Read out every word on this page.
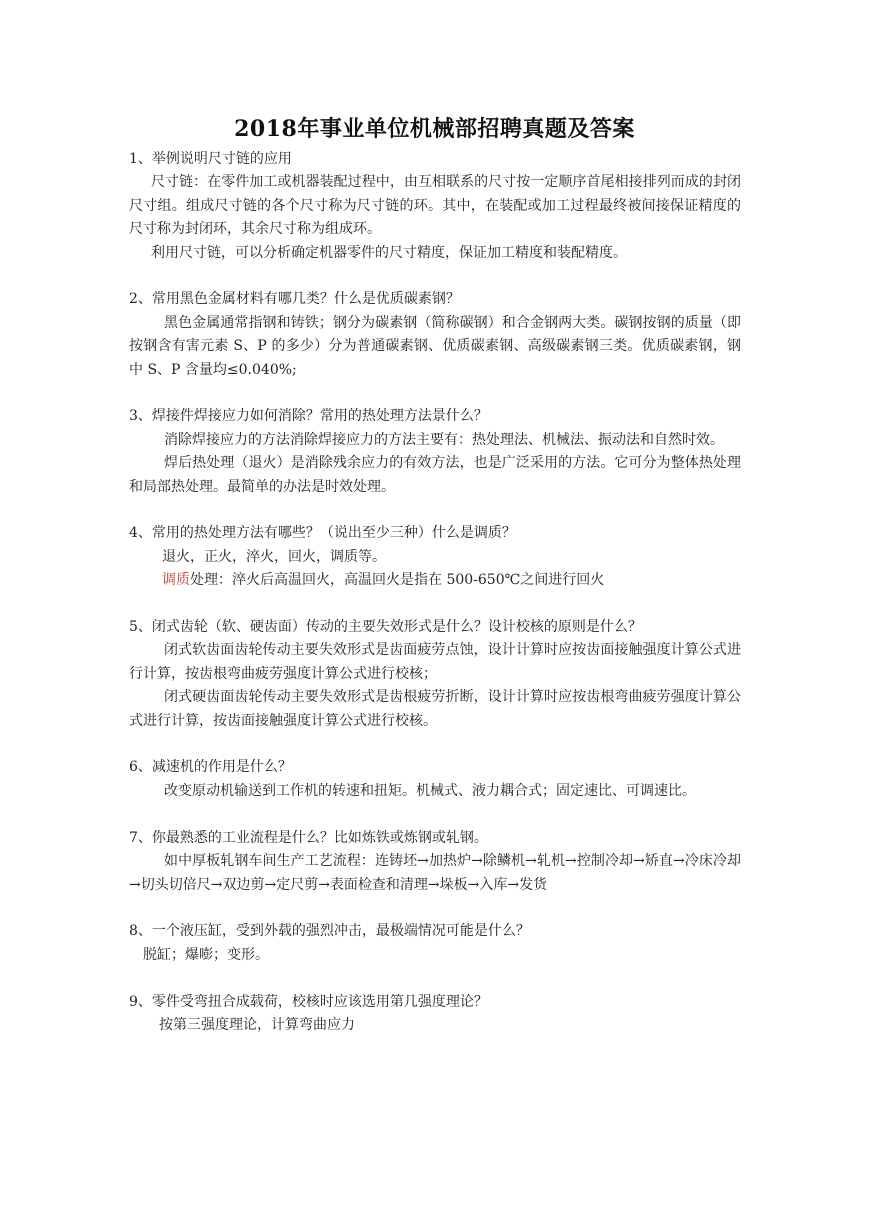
2018年事业单位机械部招聘真题及答案

1、举例说明尺寸链的应用

尺寸链：在零件加工或机器装配过程中，由互相联系的尺寸按一定顺序首尾相接排列而成的封闭尺寸组。组成尺寸链的各个尺寸称为尺寸链的环。其中，在装配或加工过程最终被间接保证精度的尺寸称为封闭环，其余尺寸称为组成环。

利用尺寸链，可以分析确定机器零件的尺寸精度，保证加工精度和装配精度。

2、常用黑色金属材料有哪几类？什么是优质碳素钢？

黑色金属通常指钢和铸铁；钢分为碳素钢（简称碳钢）和合金钢两大类。碳钢按钢的质量（即按钢含有害元素 S、P 的多少）分为普通碳素钢、优质碳素钢、高级碳素钢三类。优质碳素钢，钢中 S、P 含量均≤0.040%;

3、焊接件焊接应力如何消除？常用的热处理方法景什么？

消除焊接应力的方法消除焊接应力的方法主要有：热处理法、机械法、振动法和自然时效。

焊后热处理（退火）是消除残余应力的有效方法，也是广泛采用的方法。它可分为整体热处理和局部热处理。最简单的办法是时效处理。

4、常用的热处理方法有哪些？（说出至少三种）什么是调质？

退火，正火，淬火，回火，调质等。

调质处理：淬火后高温回火，高温回火是指在 500-650℃之间进行回火

5、闭式齿轮（软、硬齿面）传动的主要失效形式是什么？设计校核的原则是什么？

闭式软齿面齿轮传动主要失效形式是齿面疲劳点蚀，设计计算时应按齿面接触强度计算公式进行计算，按齿根弯曲疲劳强度计算公式进行校核；

闭式硬齿面齿轮传动主要失效形式是齿根疲劳折断，设计计算时应按齿根弯曲疲劳强度计算公式进行计算，按齿面接触强度计算公式进行校核。

6、减速机的作用是什么？

改变原动机输送到工作机的转速和扭矩。机械式、液力耦合式；固定速比、可调速比。

7、你最熟悉的工业流程是什么？比如炼铁或炼钢或轧钢。

如中厚板轧钢车间生产工艺流程：连铸坯→加热炉→除鳞机→轧机→控制冷却→矫直→冷床冷却→切头切倍尺→双边剪→定尺剪→表面检查和清理→垛板→入库→发货

8、一个液压缸，受到外载的强烈冲击，最极端情况可能是什么？

脱缸；爆嘭；变形。

9、零件受弯扭合成载荷，校核时应该选用第几强度理论？

按第三强度理论，计算弯曲应力
